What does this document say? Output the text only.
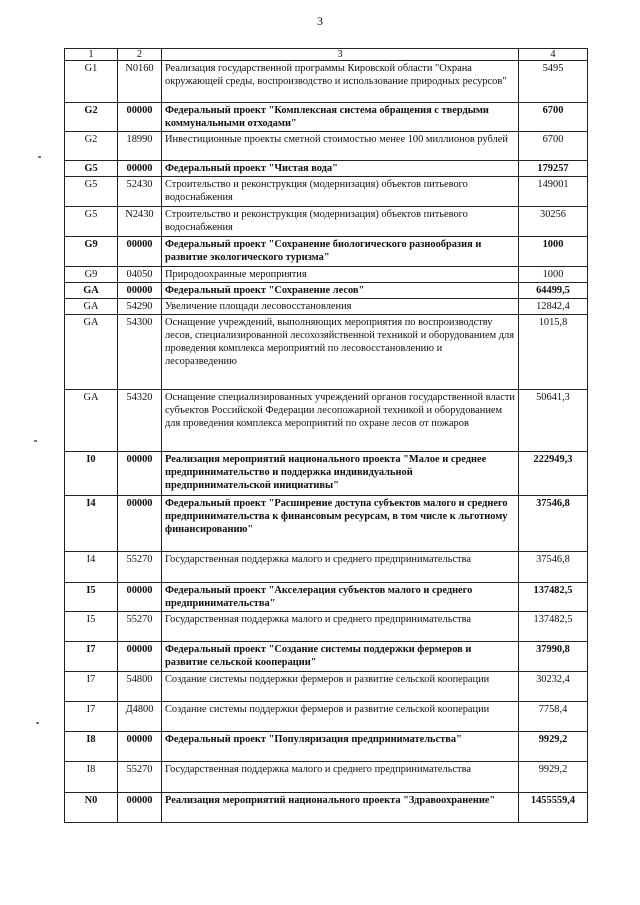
3
1	2	3	4
G1	N0160	Реализация государственной программы Кировской области "Охрана окружающей среды, воспроизводство и использование природных ресурсов"	5495
G2	00000	Федеральный проект "Комплексная система обращения с твердыми коммунальными отходами"	6700
G2	18990	Инвестиционные проекты сметной стоимостью менее 100 миллионов рублей	6700
G5	00000	Федеральный проект "Чистая вода"	179257
G5	52430	Строительство и реконструкция (модернизация) объектов питьевого водоснабжения	149001
G5	N2430	Строительство и реконструкция (модернизация) объектов питьевого водоснабжения	30256
G9	00000	Федеральный проект "Сохранение биологического разнообразия и развитие экологического туризма"	1000
G9	04050	Природоохранные мероприятия	1000
GA	00000	Федеральный проект "Сохранение лесов"	64499,5
GA	54290	Увеличение площади лесовосстановления	12842,4
GA	54300	Оснащение учреждений, выполняющих мероприятия по воспроизводству лесов, специализированной лесохозяйственной техникой и оборудованием для проведения комплекса мероприятий по лесовосстановлению и лесоразведению	1015,8
GA	54320	Оснащение специализированных учреждений органов государственной власти субъектов Российской Федерации лесопожарной техникой и оборудованием для проведения комплекса мероприятий по охране лесов от пожаров	50641,3
I0	00000	Реализация мероприятий национального проекта "Малое и среднее предпринимательство и поддержка индивидуальной предпринимательской инициативы"	222949,3
I4	00000	Федеральный проект "Расширение доступа субъектов малого и среднего предпринимательства к финансовым ресурсам, в том числе к льготному финансированию"	37546,8
I4	55270	Государственная поддержка малого и среднего предпринимательства	37546,8
I5	00000	Федеральный проект "Акселерация субъектов малого и среднего предпринимательства"	137482,5
I5	55270	Государственная поддержка малого и среднего предпринимательства	137482,5
I7	00000	Федеральный проект "Создание системы поддержки фермеров и развитие сельской кооперации"	37990,8
I7	54800	Создание системы поддержки фермеров и развитие сельской кооперации	30232,4
I7	Д4800	Создание системы поддержки фермеров и развитие сельской кооперации	7758,4
I8	00000	Федеральный проект "Популяризация предпринимательства"	9929,2
I8	55270	Государственная поддержка малого и среднего предпринимательства	9929,2
N0	00000	Реализация мероприятий национального проекта "Здравоохранение"	1455559,4
